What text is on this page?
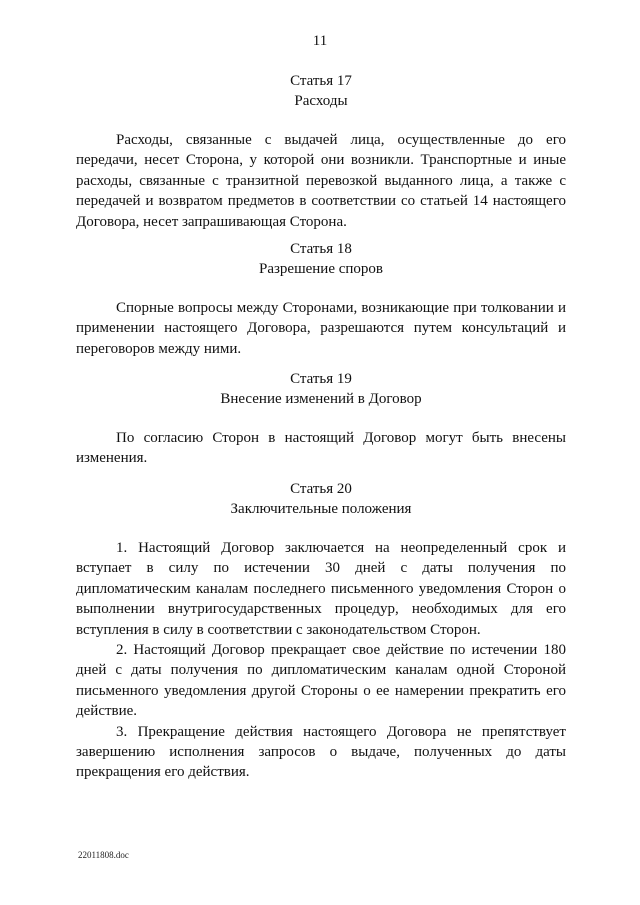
11
Статья 17
Расходы

Расходы, связанные с выдачей лица, осуществленные до его передачи, несет Сторона, у которой они возникли. Транспортные и иные расходы, связанные с транзитной перевозкой выданного лица, а также с передачей и возвратом предметов в соответствии со статьей 14 настоящего Договора, несет запрашивающая Сторона.

Статья 18
Разрешение споров

Спорные вопросы между Сторонами, возникающие при толковании и применении настоящего Договора, разрешаются путем консультаций и переговоров между ними.

Статья 19
Внесение изменений в Договор

По согласию Сторон в настоящий Договор могут быть внесены изменения.

Статья 20
Заключительные положения

1. Настоящий Договор заключается на неопределенный срок и вступает в силу по истечении 30 дней с даты получения по дипломатическим каналам последнего письменного уведомления Сторон о выполнении внутригосударственных процедур, необходимых для его вступления в силу в соответствии с законодательством Сторон.

2. Настоящий Договор прекращает свое действие по истечении 180 дней с даты получения по дипломатическим каналам одной Стороной письменного уведомления другой Стороны о ее намерении прекратить его действие.

3. Прекращение действия настоящего Договора не препятствует завершению исполнения запросов о выдаче, полученных до даты прекращения его действия.

22011808.doc
